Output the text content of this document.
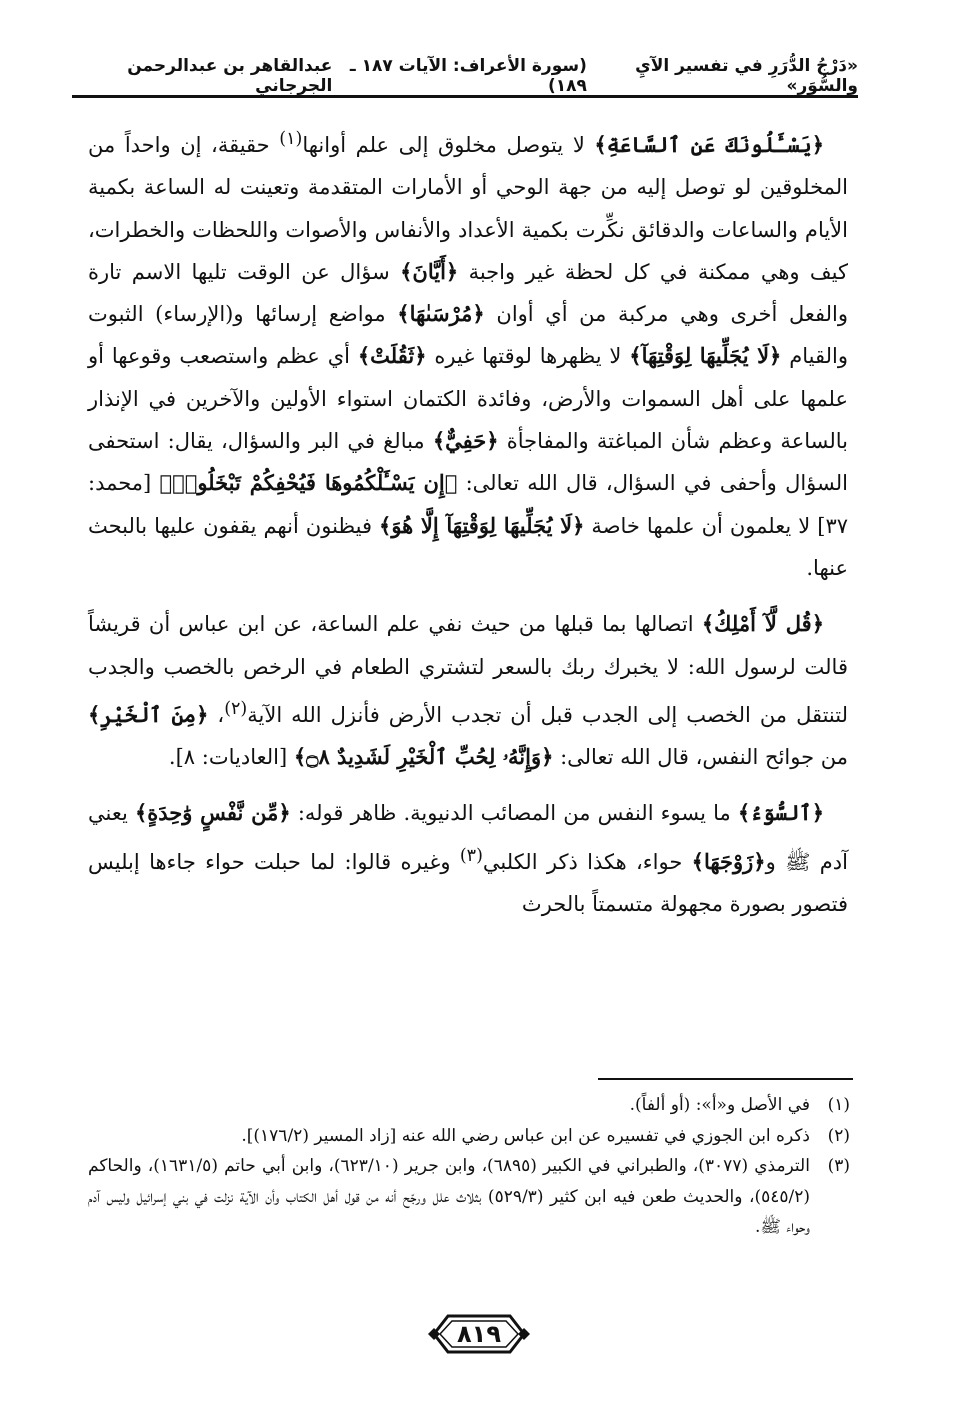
«دَرْجُ الدُّرَرِ في تفسير الآيِ والسُّوَر»
(سورة الأعراف: الآيات ١٨٧ ـ ١٨٩)
عبدالقاهر بن عبدالرحمن الجرجاني

﴿يَسْـَٔلُونَكَ عَنِ ٱلسَّاعَةِ﴾ لا يتوصل مخلوق إلى علم أوانها$^{(١)}$ حقيقة، إن واحداً من المخلوقين لو توصل إليه من جهة الوحي أو الأمارات المتقدمة وتعينت له الساعة بكمية الأيام والساعات والدقائق نكِّرت بكمية الأعداد والأنفاس والأصوات واللحظات والخطرات، كيف وهي ممكنة في كل لحظة غير واجبة ﴿أَيَّانَ﴾ سؤال عن الوقت تليها الاسم تارة والفعل أخرى وهي مركبة من أي أوان ﴿مُرْسَىٰهَا﴾ مواضع إرسائها و(الإرساء) الثبوت والقيام ﴿لَا يُجَلِّيهَا لِوَقْتِهَآ﴾ لا يظهرها لوقتها غيره ﴿ثَقُلَتْ﴾ أي عظم واستصعب وقوعها أو علمها على أهل السموات والأرض، وفائدة الكتمان استواء الأولين والآخرين في الإنذار بالساعة وعظم شأن المباغتة والمفاجأة ﴿حَفِيٌّ﴾ مبالغ في البر والسؤال، يقال: استحفى السؤال وأحفى في السؤال، قال الله تعالى: ﴿إِن يَسْـَٔلْكُمُوهَا فَيُحْفِكُمْ تَبْخَلُوا۟﴾ [محمد: ٣٧] لا يعلمون أن علمها خاصة ﴿لَا يُجَلِّيهَا لِوَقْتِهَآ إِلَّا هُوَ﴾ فيظنون أنهم يقفون عليها بالبحث عنها.

﴿قُل لَّآ أَمْلِكُ﴾ اتصالها بما قبلها من حيث نفي علم الساعة، عن ابن عباس أن قريشاً قالت لرسول الله: لا يخبرك ربك بالسعر لتشتري الطعام في الرخص بالخصب والجدب لتنتقل من الخصب إلى الجدب قبل أن تجدب الأرض فأنزل الله الآية$^{(٢)}$، ﴿مِنَ ٱلْخَيْرِ﴾ من جوائح النفس، قال الله تعالى: ﴿وَإِنَّهُۥ لِحُبِّ ٱلْخَيْرِ لَشَدِيدٌ ۝٨﴾ [العاديات: ٨].

﴿ٱلسُّوٓءُ﴾ ما يسوء النفس من المصائب الدنيوية. ظاهر قوله: ﴿مِّن نَّفْسٍ وَٰحِدَةٍ﴾ يعني آدم ﷺ و﴿زَوْجَهَا﴾ حواء، هكذا ذكر الكلبي$^{(٣)}$ وغيره قالوا: لما حبلت حواء جاءها إبليس فتصور بصورة مجهولة متسمتاً بالحرث

(١)
في الأصل و«أ»: (أو ألفاً).
(٢)
ذكره ابن الجوزي في تفسيره عن ابن عباس رضي الله عنه [زاد المسير (١٧٦/٢)].
(٣)
الترمذي (٣٠٧٧)، والطبراني في الكبير (٦٨٩٥)، وابن جرير (٦٢٣/١٠)، وابن أبي حاتم (١٦٣١/٥)، والحاكم (٥٤٥/٢)، والحديث طعن فيه ابن كثير (٥٢٩/٣) بثلاث علل ورجّح أنه من قول أهل الكتاب وأن الآية نزلت في بني إسرائيل وليس آدم وحواء ﷺ.
٨١٩
